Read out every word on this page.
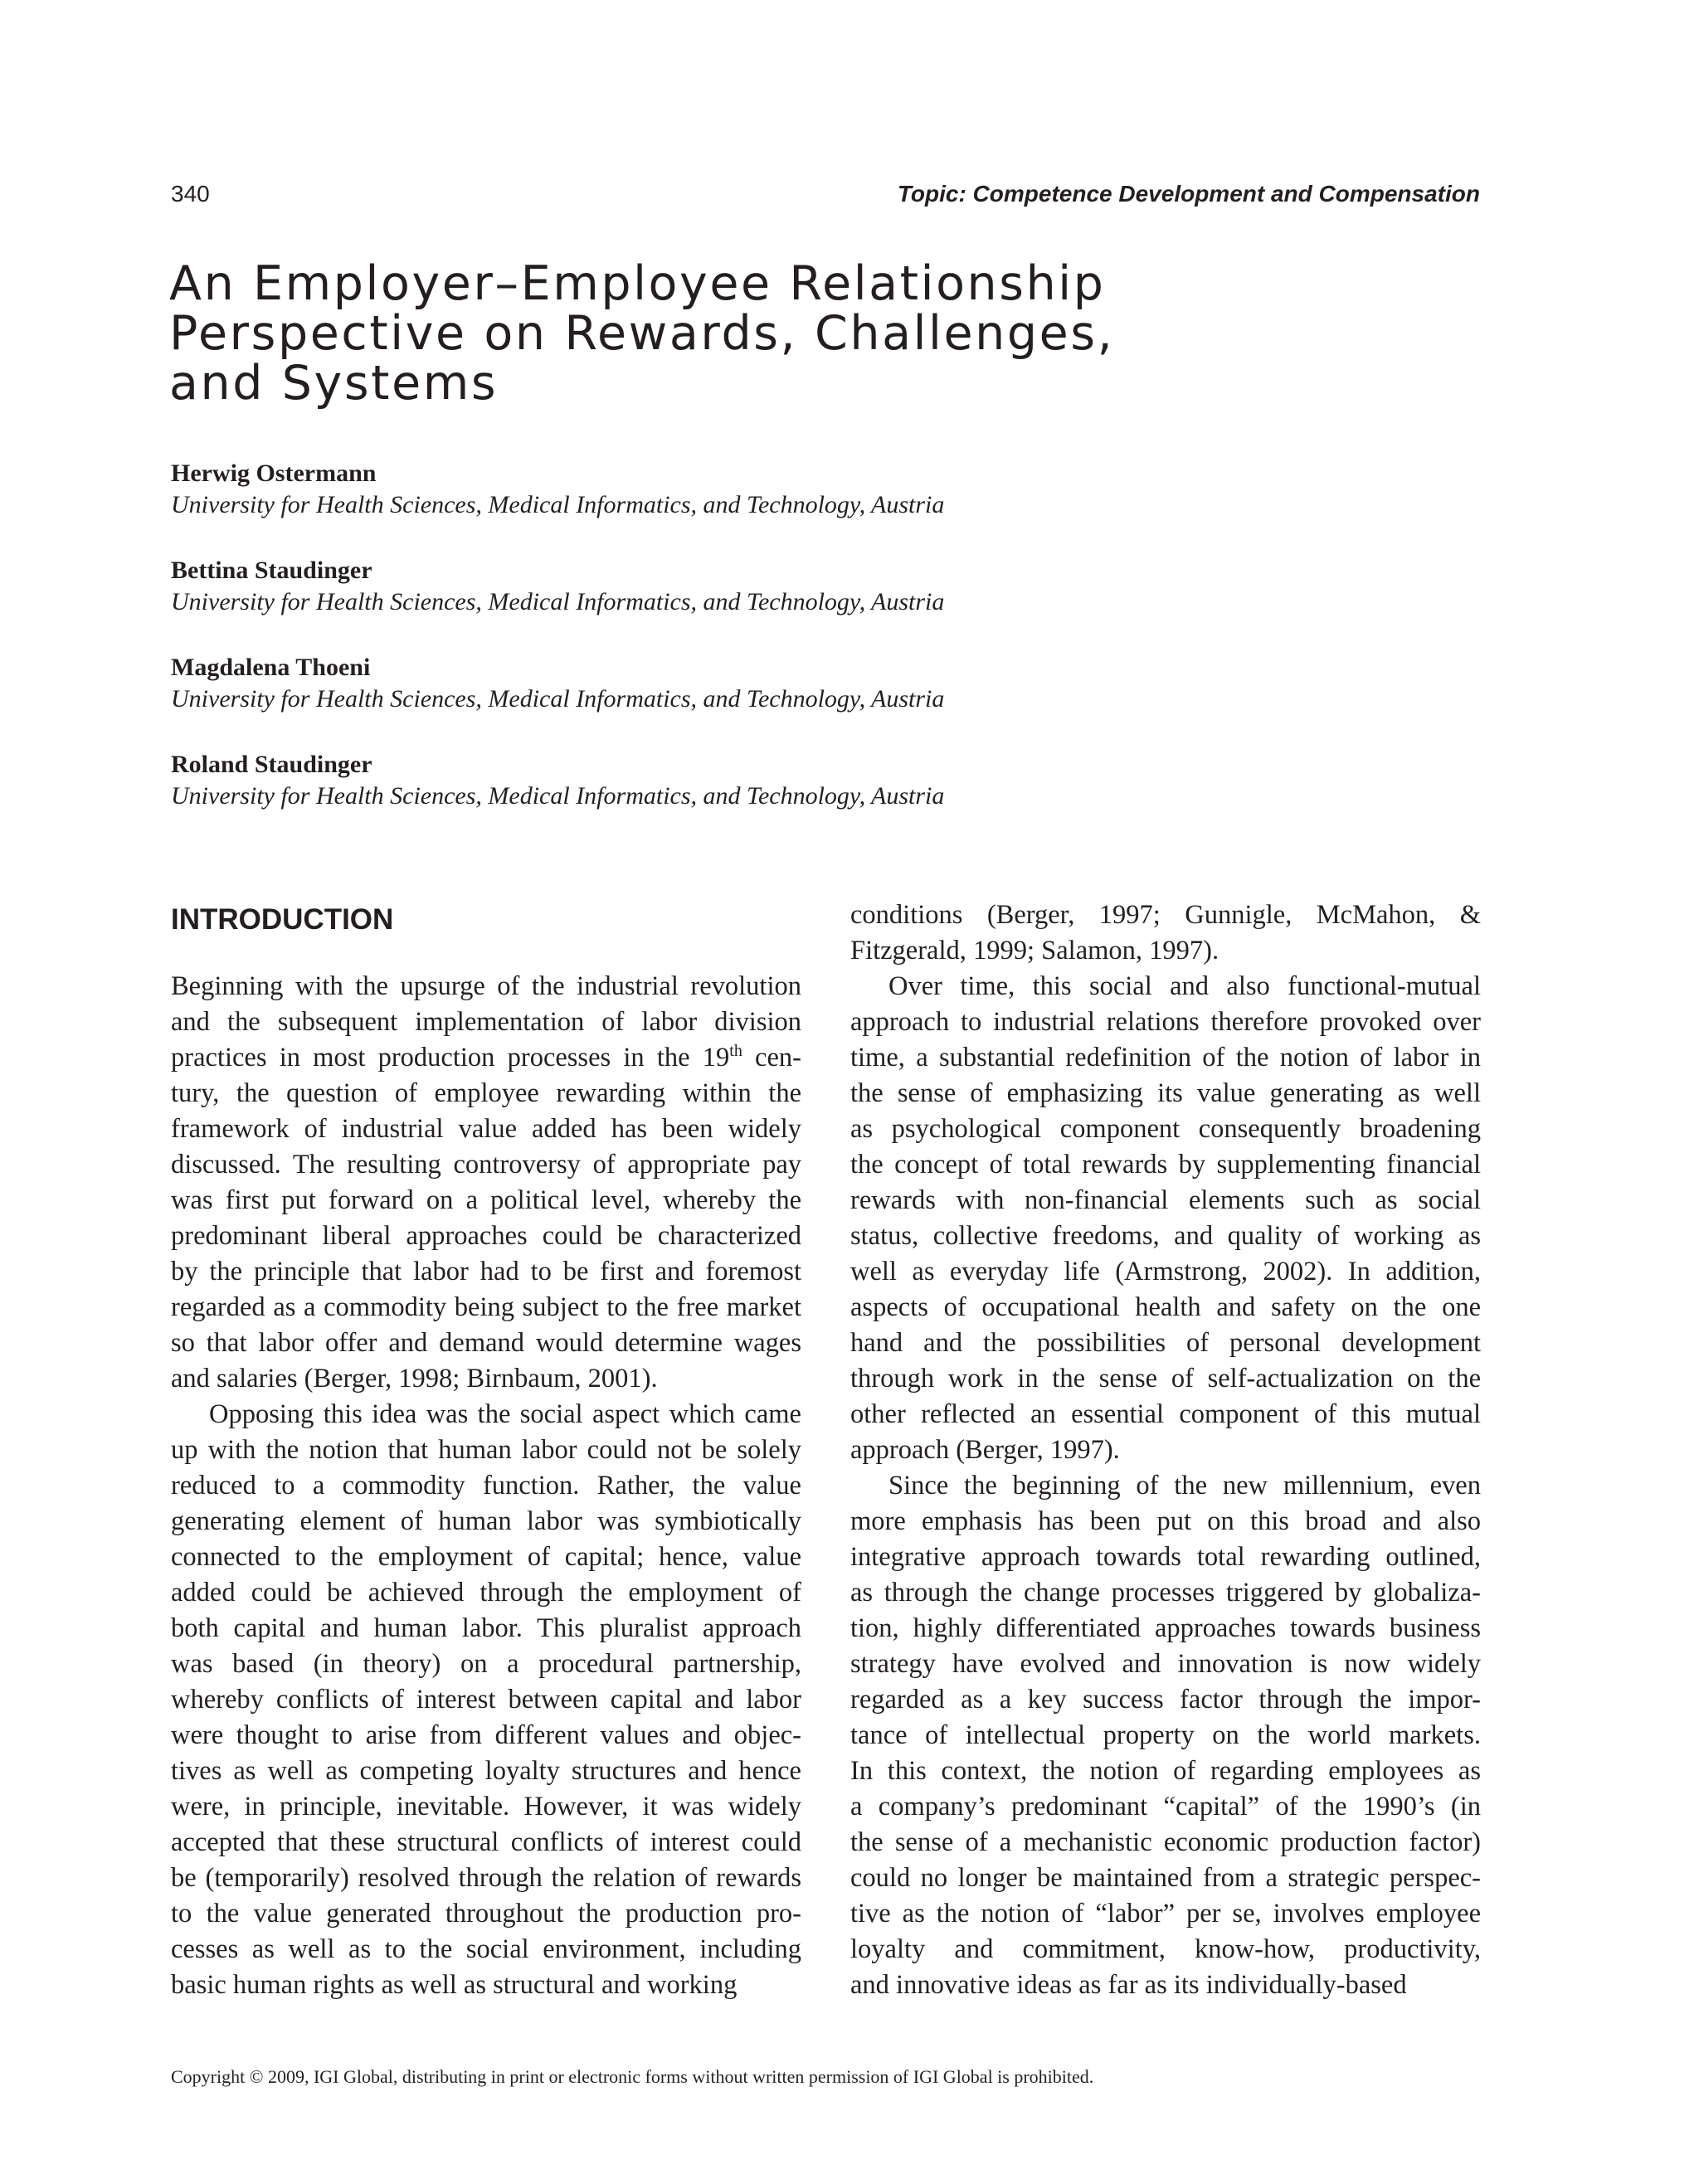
340	Topic: Competence Development and Compensation
An Employer–Employee Relationship
Perspective on Rewards, Challenges,
and Systems
Herwig Ostermann
University for Health Sciences, Medical Informatics, and Technology, Austria
Bettina Staudinger
University for Health Sciences, Medical Informatics, and Technology, Austria
Magdalena Thoeni
University for Health Sciences, Medical Informatics, and Technology, Austria
Roland Staudinger
University for Health Sciences, Medical Informatics, and Technology, Austria
INTRODUCTION
Beginning with the upsurge of the industrial revolution
and the subsequent implementation of labor division
practices in most production processes in the 19th cen-
tury, the question of employee rewarding within the
framework of industrial value added has been widely
discussed. The resulting controversy of appropriate pay
was first put forward on a political level, whereby the
predominant liberal approaches could be characterized
by the principle that labor had to be first and foremost
regarded as a commodity being subject to the free market
so that labor offer and demand would determine wages
and salaries (Berger, 1998; Birnbaum, 2001).
Opposing this idea was the social aspect which came
up with the notion that human labor could not be solely
reduced to a commodity function. Rather, the value
generating element of human labor was symbiotically
connected to the employment of capital; hence, value
added could be achieved through the employment of
both capital and human labor. This pluralist approach
was based (in theory) on a procedural partnership,
whereby conflicts of interest between capital and labor
were thought to arise from different values and objec-
tives as well as competing loyalty structures and hence
were, in principle, inevitable. However, it was widely
accepted that these structural conflicts of interest could
be (temporarily) resolved through the relation of rewards
to the value generated throughout the production pro-
cesses as well as to the social environment, including
basic human rights as well as structural and working
conditions (Berger, 1997; Gunnigle, McMahon, &
Fitzgerald, 1999; Salamon, 1997).
Over time, this social and also functional-mutual
approach to industrial relations therefore provoked over
time, a substantial redefinition of the notion of labor in
the sense of emphasizing its value generating as well
as psychological component consequently broadening
the concept of total rewards by supplementing financial
rewards with non-financial elements such as social
status, collective freedoms, and quality of working as
well as everyday life (Armstrong, 2002). In addition,
aspects of occupational health and safety on the one
hand and the possibilities of personal development
through work in the sense of self-actualization on the
other reflected an essential component of this mutual
approach (Berger, 1997).
Since the beginning of the new millennium, even
more emphasis has been put on this broad and also
integrative approach towards total rewarding outlined,
as through the change processes triggered by globaliza-
tion, highly differentiated approaches towards business
strategy have evolved and innovation is now widely
regarded as a key success factor through the impor-
tance of intellectual property on the world markets.
In this context, the notion of regarding employees as
a company’s predominant “capital” of the 1990’s (in
the sense of a mechanistic economic production factor)
could no longer be maintained from a strategic perspec-
tive as the notion of “labor” per se, involves employee
loyalty and commitment, know-how, productivity,
and innovative ideas as far as its individually-based
Copyright © 2009, IGI Global, distributing in print or electronic forms without written permission of IGI Global is prohibited.
